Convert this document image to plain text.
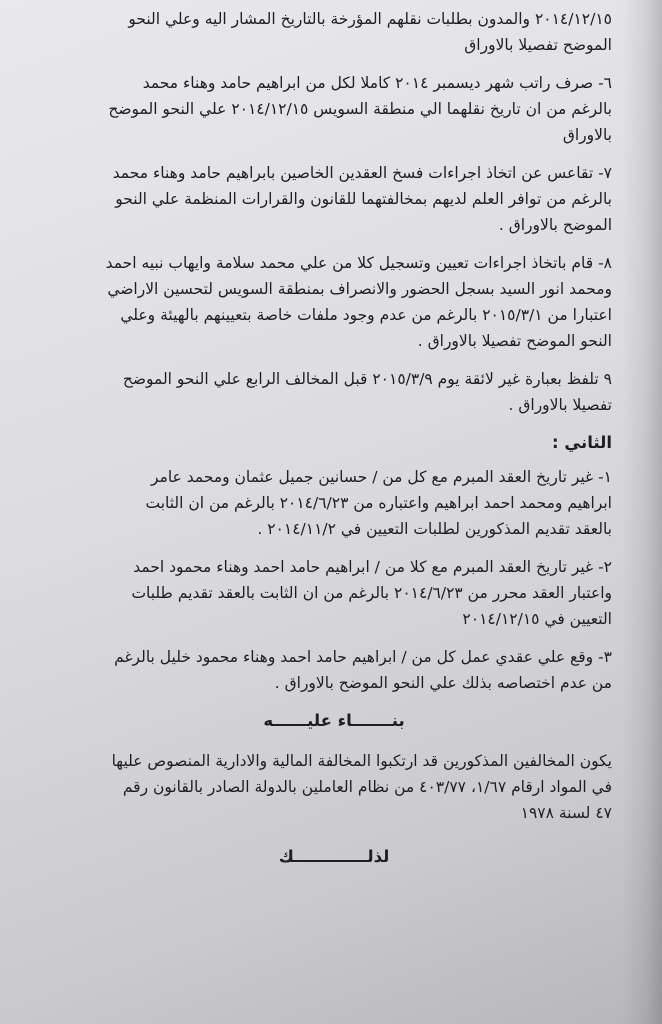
٢٠١٤/١٢/١٥ والمدون بطلبات نقلهم المؤرخة بالتاريخ المشار اليه وعلي النحو
الموضح تفصيلا بالاوراق
٦- صرف راتب شهر ديسمبر ٢٠١٤ كاملا لكل من ابراهيم حامد وهناء محمد
بالرغم من ان تاريخ نقلهما الي منطقة السويس ٢٠١٤/١٢/١٥ علي النحو الموضح
بالاوراق
٧- تقاعس عن اتخاذ اجراءات فسخ العقدين الخاصين بابراهيم حامد وهناء محمد
بالرغم من توافر العلم لديهم بمخالفتهما للقانون والقرارات المنظمة علي النحو
الموضح بالاوراق .
٨- قام باتخاذ اجراءات تعيين وتسجيل كلا من علي محمد سلامة وايهاب نبيه احمد
ومحمد انور السيد بسجل الحضور والانصراف بمنطقة السويس لتحسين الاراضي
اعتبارا من ٢٠١٥/٣/١ بالرغم من عدم وجود ملفات خاصة بتعيينهم بالهيئة وعلي
النحو الموضح تفصيلا بالاوراق .
٩ تلفظ بعبارة غير لائقة يوم ٢٠١٥/٣/٩ قبل المخالف الرابع علي النحو الموضح
تفصيلا بالاوراق .
الثاني :
١- غير تاريخ العقد المبرم مع كل من / حسانين جميل عثمان ومحمد عامر
ابراهيم ومحمد احمد ابراهيم واعتباره من ٢٠١٤/٦/٢٣ بالرغم من ان الثابت
بالعقد تقديم المذكورين لطلبات التعيين في ٢٠١٤/١١/٢ .
٢- غير تاريخ العقد المبرم مع كلا من / ابراهيم حامد احمد وهناء محمود احمد
واعتبار العقد محرر من ٢٠١٤/٦/٢٣ بالرغم من ان الثابت بالعقد تقديم طلبات
التعيين في ٢٠١٤/١٢/١٥
٣- وقع علي عقدي عمل كل من / ابراهيم حامد احمد وهناء محمود خليل بالرغم
من عدم اختصاصه بذلك علي النحو الموضح بالاوراق .
بنـــــــاء عليــــــه
يكون المخالفين المذكورين قد ارتكبوا المخالفة المالية والادارية المنصوص عليها
في المواد ارقام ١/٦٧، ٤٠٣/٧٧ من نظام العاملين بالدولة الصادر بالقانون رقم
٤٧ لسنة ١٩٧٨
لذلـــــــــــــك
